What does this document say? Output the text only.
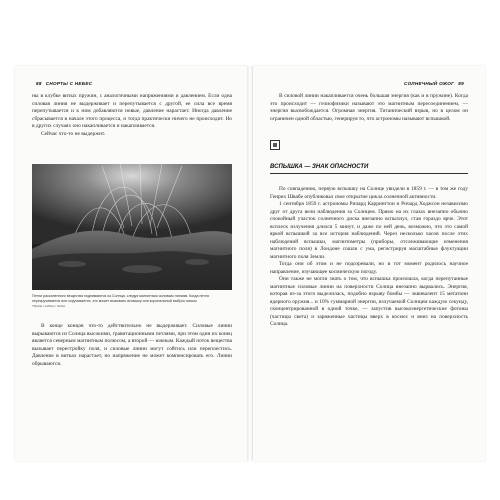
88 СНОРТЫ С НЕБЕС

ны в клубке витых пружин, с аналогичными напряжениями и давлением. Если одна силовая линия не выдерживает и перепутывается с другой, ее сила все время перепутывается и к ним добавляются новые, давление нарастает. Иногда давление сбрасывается в начале этого процесса, и тогда практически ничего не происходит. Но в других случаях оно накапливается и накапливается.

Сейчас что-то не выдержит.

Петли раскаленного вещества поднимаются из Солнца, следуя магнитным силовым линиям. Когда петля перекручивается или скручивается, это может вызывать вспышку или корональный выброс массы
TRACE / LMSAL / NASA

В конце концов что-то действительно не выдерживает. Силовые линии вырываются из Солнца высокими, гравитационными петлями, при этом один их конец является северным магнитным полюсом, а второй — южным. Каждый поток вещества вызывает перестройку поля, и силовые линии могут сойтись или переплестись. Давление в витках нарастает, но напряжение не может компенсировать его. Линии обрываются.

СОЛНЕЧНЫЙ ОЖОГ 89

В силовой линии накапливается очень большая энергия (как и в пружине). Когда это происходит — гелиофизики называют это магнитным пересоединением, — энергия высвобождается. Огромная энергия. Титанический взрыв, но в целом он ограничен одной областью, генерируя то, что астрономы называют вспышкой.

ВСПЫШКА — ЗНАК ОПАСНОСТИ

По совпадению, первую вспышку на Солнце увидели в 1859 г. — в том же году Генрих Швабе опубликовал свое открытие цикла солнечной активности.

1 сентября 1859 г. астрономы Ричард Каррингтон и Ричард Ходжсон независимо друг от друга вели наблюдения за Солнцем. Прямо на их глазах внезапно обычно спокойный участок солнечного диска внезапно вспыхнул, став гораздо ярче. Этот всплеск излучения длился 5 минут, и даже по ней день, возможно, что это самой яркой вспышкой за все история наблюдений. Через несколько часов после этих наблюдений вспышки, магнитометры (приборы, отслеживающие изменения магнитного поля) в Лондоне сошли с ума, регистрируя масштабные флуктуации магнитного поля Земли.

Тогда они об этом и не подозревали, но в тот момент родилось научное направление, изучающее космическую погоду.

Они также не могли знать о том, что вспышка произошла, когда перепутанные магнитные силовые линии на поверхности Солнца внезапно вырвались. Энергия, которая из-за этого выделилась, подобно взрыву бомбы — эквивалент 15 мегатонн ядерного оружия... и 10% суммарной энергии, излучаемой Солнцем каждую секунду, сконцентрированной в одной точке, — запустив высокоэнергетические фотоны (частицы света) и заряженные частицы вверх в космос и вниз на поверхность Солнца.
